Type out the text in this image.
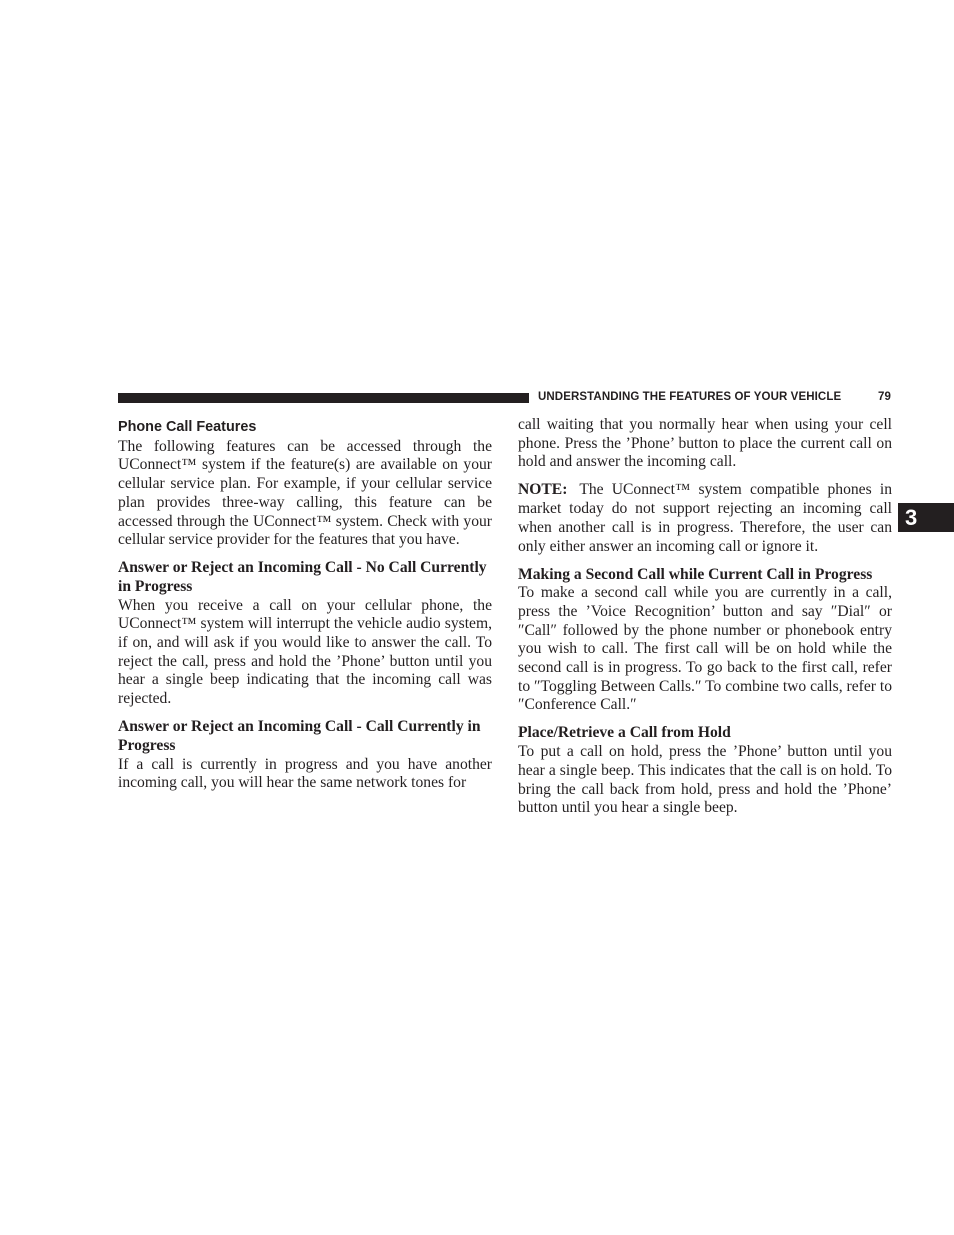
UNDERSTANDING THE FEATURES OF YOUR VEHICLE	79
3
Phone Call Features

The following features can be accessed through the UConnect™ system if the feature(s) are available on your cellular service plan. For example, if your cellular service plan provides three-way calling, this feature can be accessed through the UConnect™ system. Check with your cellular service provider for the features that you have.

Answer or Reject an Incoming Call - No Call Currently in Progress

When you receive a call on your cellular phone, the UConnect™ system will interrupt the vehicle audio system, if on, and will ask if you would like to answer the call. To reject the call, press and hold the ’Phone’ button until you hear a single beep indicating that the incoming call was rejected.

Answer or Reject an Incoming Call - Call Currently in Progress

If a call is currently in progress and you have another incoming call, you will hear the same network tones for

call waiting that you normally hear when using your cell phone. Press the ’Phone’ button to place the current call on hold and answer the incoming call.

NOTE: The UConnect™ system compatible phones in market today do not support rejecting an incoming call when another call is in progress. Therefore, the user can only either answer an incoming call or ignore it.

Making a Second Call while Current Call in Progress

To make a second call while you are currently in a call, press the ’Voice Recognition’ button and say ″Dial″ or ″Call″ followed by the phone number or phonebook entry you wish to call. The first call will be on hold while the second call is in progress. To go back to the first call, refer to ″Toggling Between Calls.″ To combine two calls, refer to ″Conference Call.″

Place/Retrieve a Call from Hold

To put a call on hold, press the ’Phone’ button until you hear a single beep. This indicates that the call is on hold. To bring the call back from hold, press and hold the ’Phone’ button until you hear a single beep.
